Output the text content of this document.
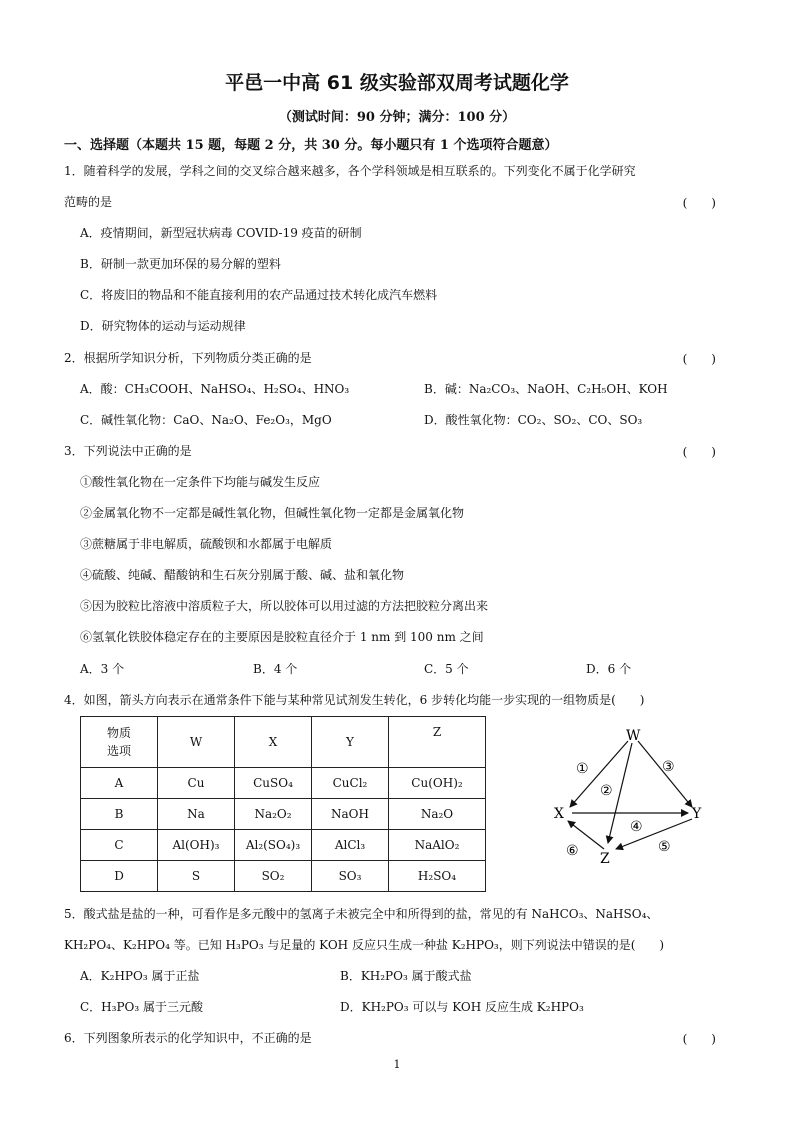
平邑一中高 61 级实验部双周考试题化学
（测试时间：90 分钟；满分：100 分）
一、选择题（本题共 15 题，每题 2 分，共 30 分。每小题只有 1 个选项符合题意）
1．随着科学的发展，学科之间的交叉综合越来越多，各个学科领域是相互联系的。下列变化不属于化学研究
范畴的是	(　　)
A．疫情期间，新型冠状病毒 COVID-19 疫苗的研制
B．研制一款更加环保的易分解的塑料
C．将废旧的物品和不能直接利用的农产品通过技术转化成汽车燃料
D．研究物体的运动与运动规律
2．根据所学知识分析，下列物质分类正确的是	(　　)
A．酸：CH₃COOH、NaHSO₄、H₂SO₄、HNO₃	B．碱：Na₂CO₃、NaOH、C₂H₅OH、KOH
C．碱性氧化物：CaO、Na₂O、Fe₂O₃，MgO	D．酸性氧化物：CO₂、SO₂、CO、SO₃
3．下列说法中正确的是	(　　)
①酸性氧化物在一定条件下均能与碱发生反应
②金属氧化物不一定都是碱性氧化物，但碱性氧化物一定都是金属氧化物
③蔗糖属于非电解质，硫酸钡和水都属于电解质
④硫酸、纯碱、醋酸钠和生石灰分别属于酸、碱、盐和氧化物
⑤因为胶粒比溶液中溶质粒子大，所以胶体可以用过滤的方法把胶粒分离出来
⑥氢氧化铁胶体稳定存在的主要原因是胶粒直径介于 1 nm 到 100 nm 之间
A．3 个	B．4 个	C．5 个	D．6 个
4．如图，箭头方向表示在通常条件下能与某种常见试剂发生转化，6 步转化均能一步实现的一组物质是(　　)
物质
选项	W	X	Y	Z
A	Cu	CuSO₄	CuCl₂	Cu(OH)₂
B	Na	Na₂O₂	NaOH	Na₂O
C	Al(OH)₃	Al₂(SO₄)₃	AlCl₃	NaAlO₂
D	S	SO₂	SO₃	H₂SO₄
W
X	Y
Z
①
②
③
④
⑤
⑥
5．酸式盐是盐的一种，可看作是多元酸中的氢离子未被完全中和所得到的盐，常见的有 NaHCO₃、NaHSO₄、
KH₂PO₄、K₂HPO₄ 等。已知 H₃PO₃ 与足量的 KOH 反应只生成一种盐 K₂HPO₃，则下列说法中错误的是(　　)
A．K₂HPO₃ 属于正盐	B．KH₂PO₃ 属于酸式盐
C．H₃PO₃ 属于三元酸	D．KH₂PO₃ 可以与 KOH 反应生成 K₂HPO₃
6．下列图象所表示的化学知识中，不正确的是	(　　)
1
